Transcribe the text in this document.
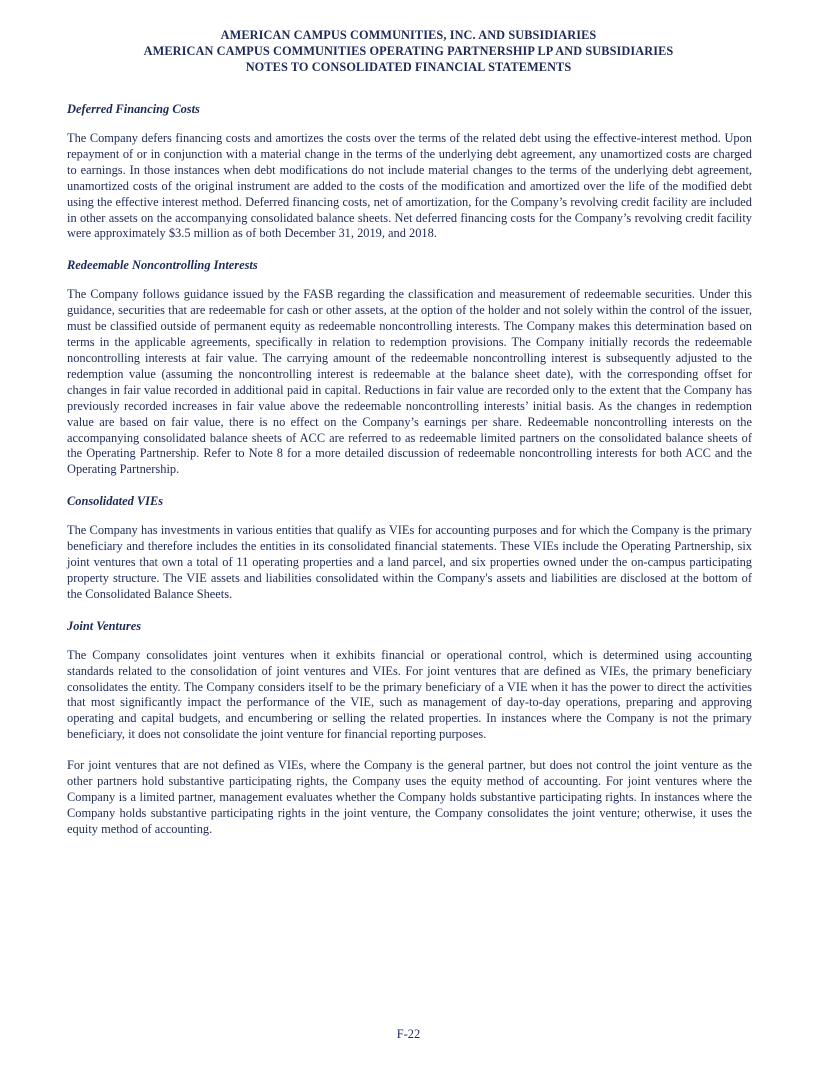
AMERICAN CAMPUS COMMUNITIES, INC. AND SUBSIDIARIES
AMERICAN CAMPUS COMMUNITIES OPERATING PARTNERSHIP LP AND SUBSIDIARIES
NOTES TO CONSOLIDATED FINANCIAL STATEMENTS
Deferred Financing Costs

The Company defers financing costs and amortizes the costs over the terms of the related debt using the effective-interest method. Upon repayment of or in conjunction with a material change in the terms of the underlying debt agreement, any unamortized costs are charged to earnings. In those instances when debt modifications do not include material changes to the terms of the underlying debt agreement, unamortized costs of the original instrument are added to the costs of the modification and amortized over the life of the modified debt using the effective interest method. Deferred financing costs, net of amortization, for the Company’s revolving credit facility are included in other assets on the accompanying consolidated balance sheets. Net deferred financing costs for the Company’s revolving credit facility were approximately $3.5 million as of both December 31, 2019, and 2018.

Redeemable Noncontrolling Interests

The Company follows guidance issued by the FASB regarding the classification and measurement of redeemable securities. Under this guidance, securities that are redeemable for cash or other assets, at the option of the holder and not solely within the control of the issuer, must be classified outside of permanent equity as redeemable noncontrolling interests. The Company makes this determination based on terms in the applicable agreements, specifically in relation to redemption provisions. The Company initially records the redeemable noncontrolling interests at fair value. The carrying amount of the redeemable noncontrolling interest is subsequently adjusted to the redemption value (assuming the noncontrolling interest is redeemable at the balance sheet date), with the corresponding offset for changes in fair value recorded in additional paid in capital. Reductions in fair value are recorded only to the extent that the Company has previously recorded increases in fair value above the redeemable noncontrolling interests’ initial basis. As the changes in redemption value are based on fair value, there is no effect on the Company’s earnings per share. Redeemable noncontrolling interests on the accompanying consolidated balance sheets of ACC are referred to as redeemable limited partners on the consolidated balance sheets of the Operating Partnership. Refer to Note 8 for a more detailed discussion of redeemable noncontrolling interests for both ACC and the Operating Partnership.

Consolidated VIEs

The Company has investments in various entities that qualify as VIEs for accounting purposes and for which the Company is the primary beneficiary and therefore includes the entities in its consolidated financial statements. These VIEs include the Operating Partnership, six joint ventures that own a total of 11 operating properties and a land parcel, and six properties owned under the on-campus participating property structure. The VIE assets and liabilities consolidated within the Company's assets and liabilities are disclosed at the bottom of the Consolidated Balance Sheets.

Joint Ventures

The Company consolidates joint ventures when it exhibits financial or operational control, which is determined using accounting standards related to the consolidation of joint ventures and VIEs. For joint ventures that are defined as VIEs, the primary beneficiary consolidates the entity. The Company considers itself to be the primary beneficiary of a VIE when it has the power to direct the activities that most significantly impact the performance of the VIE, such as management of day-to-day operations, preparing and approving operating and capital budgets, and encumbering or selling the related properties. In instances where the Company is not the primary beneficiary, it does not consolidate the joint venture for financial reporting purposes.

For joint ventures that are not defined as VIEs, where the Company is the general partner, but does not control the joint venture as the other partners hold substantive participating rights, the Company uses the equity method of accounting. For joint ventures where the Company is a limited partner, management evaluates whether the Company holds substantive participating rights. In instances where the Company holds substantive participating rights in the joint venture, the Company consolidates the joint venture; otherwise, it uses the equity method of accounting.

F-22
